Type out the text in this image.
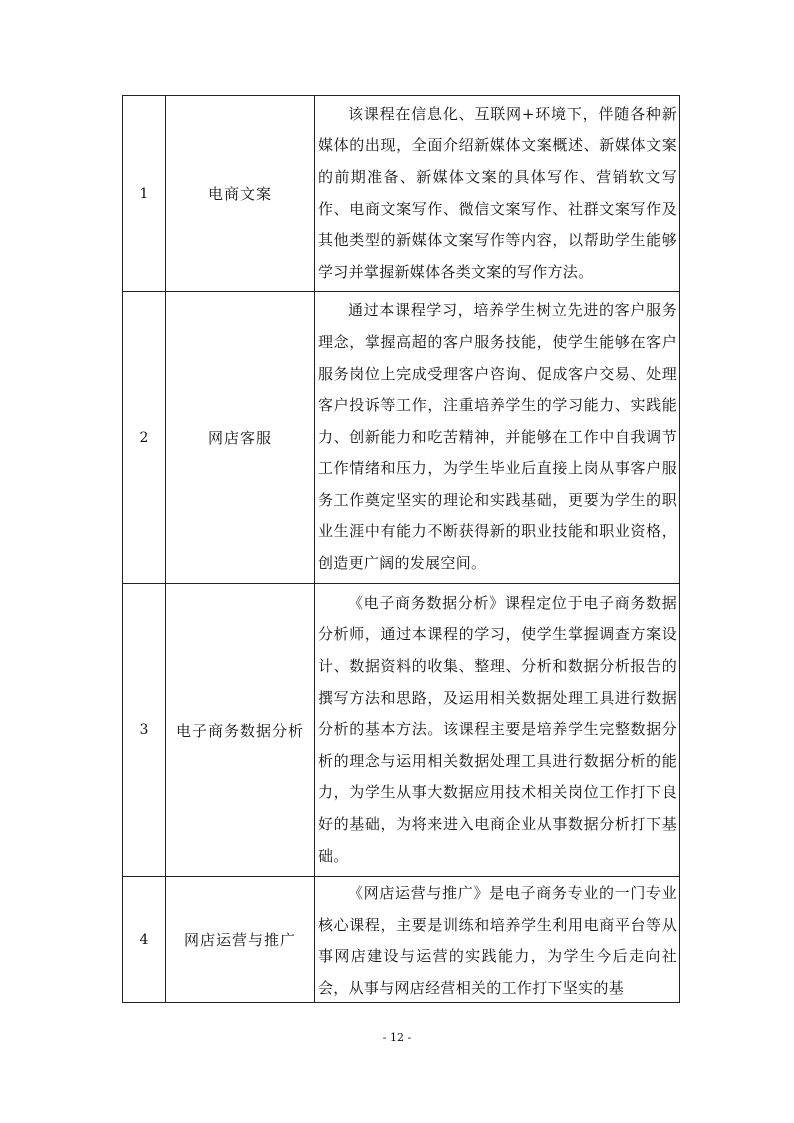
1	电商文案	该课程在信息化、互联网+环境下，伴随各种新媒体的出现，全面介绍新媒体文案概述、新媒体文案的前期准备、新媒体文案的具体写作、营销软文写作、电商文案写作、微信文案写作、社群文案写作及其他类型的新媒体文案写作等内容，以帮助学生能够学习并掌握新媒体各类文案的写作方法。

2	网店客服	通过本课程学习，培养学生树立先进的客户服务理念，掌握高超的客户服务技能，使学生能够在客户服务岗位上完成受理客户咨询、促成客户交易、处理客户投诉等工作，注重培养学生的学习能力、实践能力、创新能力和吃苦精神，并能够在工作中自我调节工作情绪和压力，为学生毕业后直接上岗从事客户服务工作奠定坚实的理论和实践基础，更要为学生的职业生涯中有能力不断获得新的职业技能和职业资格，创造更广阔的发展空间。

3	电子商务数据分析	《电子商务数据分析》课程定位于电子商务数据分析师，通过本课程的学习，使学生掌握调查方案设计、数据资料的收集、整理、分析和数据分析报告的撰写方法和思路，及运用相关数据处理工具进行数据分析的基本方法。该课程主要是培养学生完整数据分析的理念与运用相关数据处理工具进行数据分析的能力，为学生从事大数据应用技术相关岗位工作打下良好的基础，为将来进入电商企业从事数据分析打下基础。

4	网店运营与推广	《网店运营与推广》是电子商务专业的一门专业核心课程，主要是训练和培养学生利用电商平台等从事网店建设与运营的实践能力，为学生今后走向社会，从事与网店经营相关的工作打下坚实的基

- 12 -
